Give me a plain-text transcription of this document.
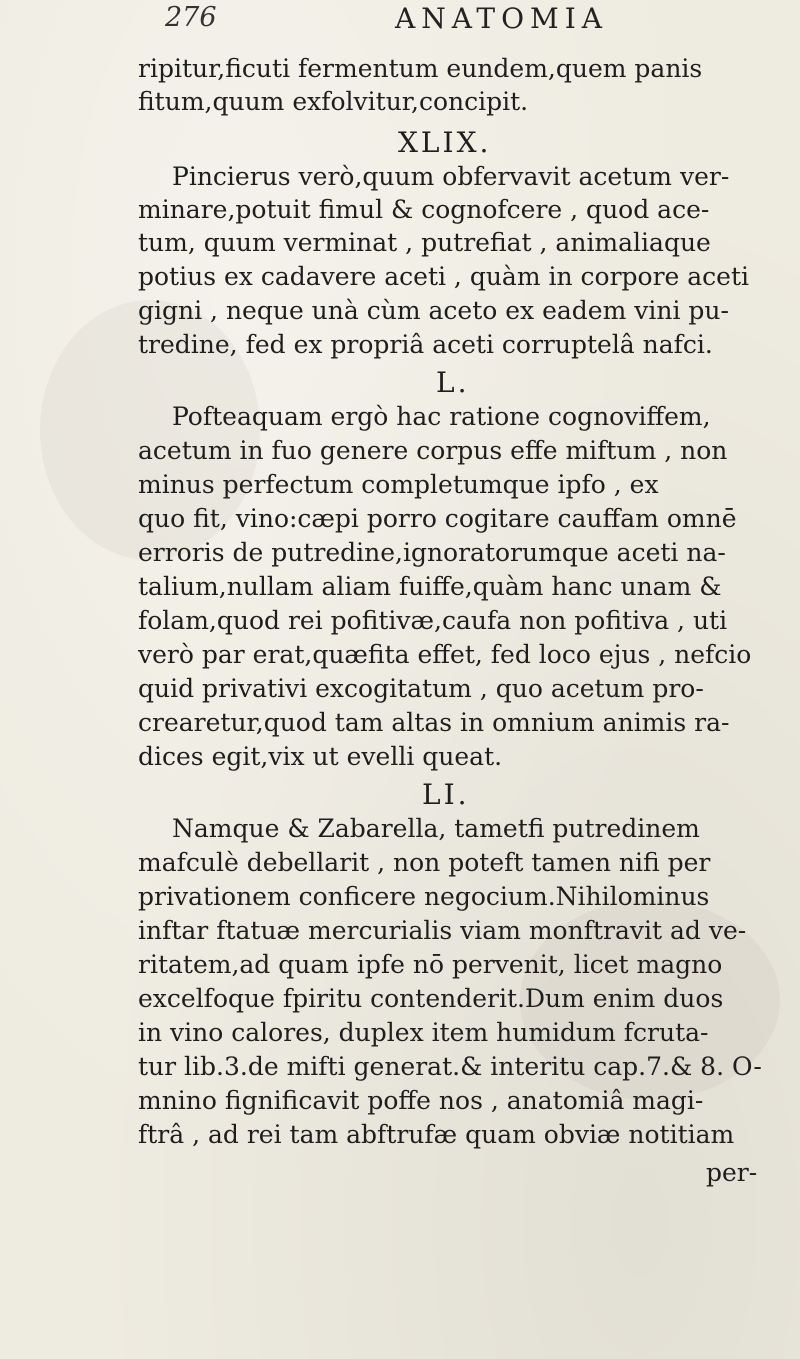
276	ANATOMIA
ripitur,ficuti fermentum eundem,quem panis
fitum,quum exfolvitur,concipit.
XLIX.
Pincierus verò,quum obfervavit acetum ver-
minare,potuit fimul & cognofcere , quod ace-
tum, quum verminat , putrefiat , animaliaque
potius ex cadavere aceti , quàm in corpore aceti
gigni , neque unà cùm aceto ex eadem vini pu-
tredine, fed ex propriâ aceti corruptelâ nafci.
L.
Pofteaquam ergò hac ratione cognoviffem,
acetum in fuo genere corpus effe miftum , non
minus perfectum completumque ipfo , ex
quo fit, vino:cæpi porro cogitare cauffam omnē
erroris de putredine,ignoratorumque aceti na-
talium,nullam aliam fuiffe,quàm hanc unam &
folam,quod rei pofitivæ,caufa non pofitiva , uti
verò par erat,quæfita effet, fed loco ejus , nefcio
quid privativi excogitatum , quo acetum pro-
crearetur,quod tam altas in omnium animis ra-
dices egit,vix ut evelli queat.
LI.
Namque & Zabarella, tametfi putredinem
mafculè debellarit , non poteft tamen nifi per
privationem conficere negocium.Nihilominus
inftar ftatuæ mercurialis viam monftravit ad ve-
ritatem,ad quam ipfe nō pervenit, licet magno
excelfoque fpiritu contenderit.Dum enim duos
in vino calores, duplex item humidum fcruta-
tur lib.3.de mifti generat.& interitu cap.7.& 8. O-
mnino fignificavit poffe nos , anatomiâ magi-
ftrâ , ad rei tam abftrufæ quam obviæ notitiam
per-
